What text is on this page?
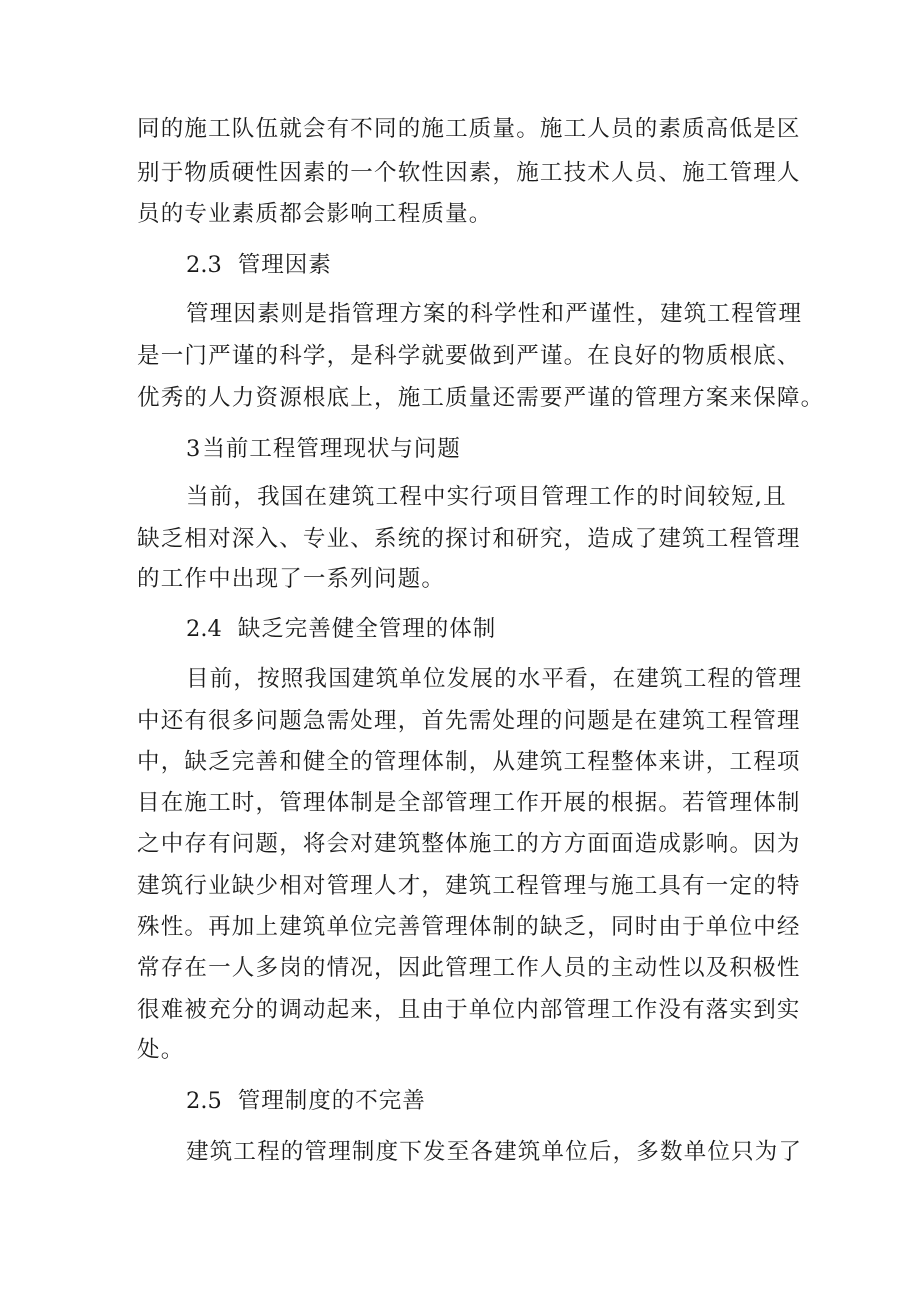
同的施工队伍就会有不同的施工质量。施工人员的素质高低是区
别于物质硬性因素的一个软性因素，施工技术人员、施工管理人
员的专业素质都会影响工程质量。
2.3 管理因素
管理因素则是指管理方案的科学性和严谨性，建筑工程管理
是一门严谨的科学，是科学就要做到严谨。在良好的物质根底、
优秀的人力资源根底上，施工质量还需要严谨的管理方案来保障。
3当前工程管理现状与问题
当前，我国在建筑工程中实行项目管理工作的时间较短,且
缺乏相对深入、专业、系统的探讨和研究，造成了建筑工程管理
的工作中出现了一系列问题。
2.4 缺乏完善健全管理的体制
目前，按照我国建筑单位发展的水平看，在建筑工程的管理
中还有很多问题急需处理，首先需处理的问题是在建筑工程管理
中，缺乏完善和健全的管理体制，从建筑工程整体来讲，工程项
目在施工时，管理体制是全部管理工作开展的根据。若管理体制
之中存有问题，将会对建筑整体施工的方方面面造成影响。因为
建筑行业缺少相对管理人才，建筑工程管理与施工具有一定的特
殊性。再加上建筑单位完善管理体制的缺乏，同时由于单位中经
常存在一人多岗的情况，因此管理工作人员的主动性以及积极性
很难被充分的调动起来，且由于单位内部管理工作没有落实到实
处。
2.5 管理制度的不完善
建筑工程的管理制度下发至各建筑单位后，多数单位只为了
